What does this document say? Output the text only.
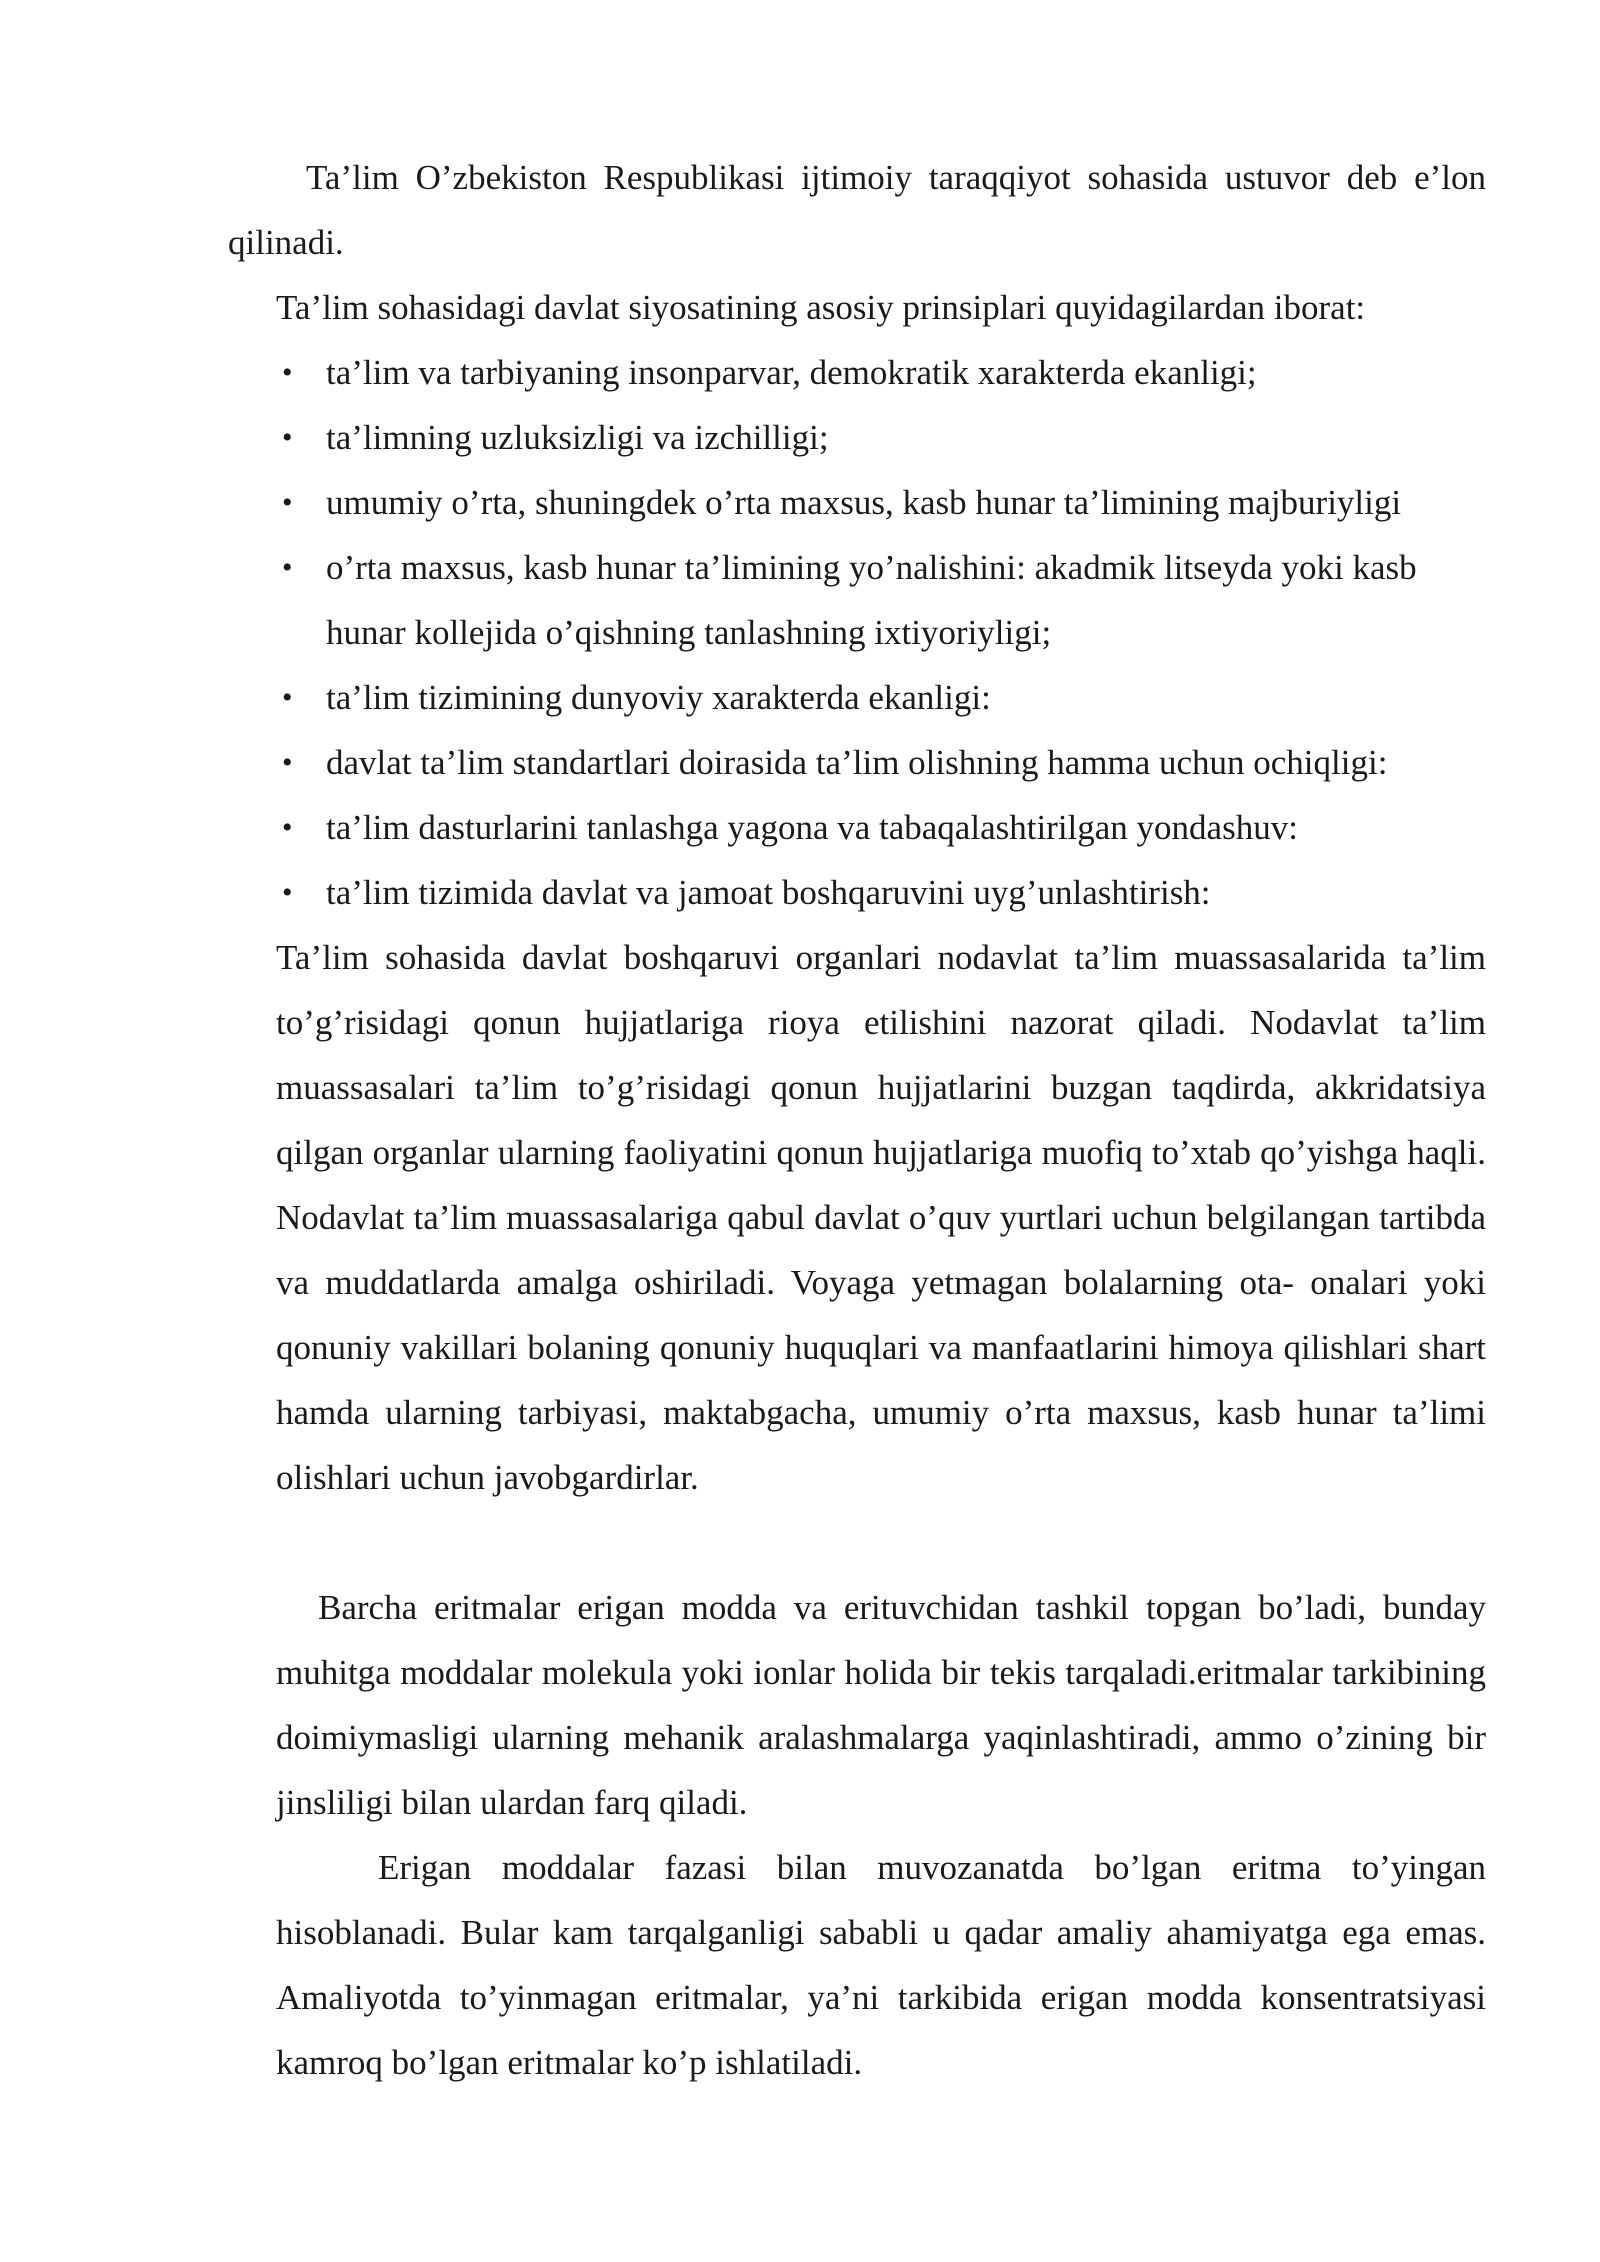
Ta’lim O’zbekiston Respublikasi ijtimoiy taraqqiyot sohasida ustuvor deb e’lon qilinadi.

Ta’lim sohasidagi davlat siyosatining asosiy prinsiplari quyidagilardan iborat:

• ta’lim va tarbiyaning insonparvar, demokratik xarakterda ekanligi;
• ta’limning uzluksizligi va izchilligi;
• umumiy o’rta, shuningdek o’rta maxsus, kasb hunar ta’limining majburiyligi
• o’rta maxsus, kasb hunar ta’limining yo’nalishini: akadmik litseyda yoki kasb hunar kollejida o’qishning tanlashning ixtiyoriyligi;
• ta’lim tizimining dunyoviy xarakterda ekanligi:
• davlat ta’lim standartlari doirasida ta’lim olishning hamma uchun ochiqligi:
• ta’lim dasturlarini tanlashga yagona va tabaqalashtirilgan yondashuv:
• ta’lim tizimida davlat va jamoat boshqaruvini uyg’unlashtirish:

Ta’lim sohasida davlat boshqaruvi organlari nodavlat ta’lim muassasalarida ta’lim to’g’risidagi qonun hujjatlariga rioya etilishini nazorat qiladi. Nodavlat ta’lim muassasalari ta’lim to’g’risidagi qonun hujjatlarini buzgan taqdirda, akkridatsiya qilgan organlar ularning faoliyatini qonun hujjatlariga muofiq to’xtab qo’yishga haqli. Nodavlat ta’lim muassasalariga qabul davlat o’quv yurtlari uchun belgilangan tartibda va muddatlarda amalga oshiriladi. Voyaga yetmagan bolalarning ota- onalari yoki qonuniy vakillari bolaning qonuniy huquqlari va manfaatlarini himoya qilishlari shart hamda ularning tarbiyasi, maktabgacha, umumiy o’rta maxsus, kasb hunar ta’limi olishlari uchun javobgardirlar.

Barcha eritmalar erigan modda va erituvchidan tashkil topgan bo’ladi, bunday muhitga moddalar molekula yoki ionlar holida bir tekis tarqaladi.eritmalar tarkibining doimiymasligi ularning mehanik aralashmalarga yaqinlashtiradi, ammo o’zining bir jinsliligi bilan ulardan farq qiladi.

Erigan moddalar fazasi bilan muvozanatda bo’lgan eritma to’yingan hisoblanadi. Bular kam tarqalganligi sababli u qadar amaliy ahamiyatga ega emas. Amaliyotda to’yinmagan eritmalar, ya’ni tarkibida erigan modda konsentratsiyasi kamroq bo’lgan eritmalar ko’p ishlatiladi.
